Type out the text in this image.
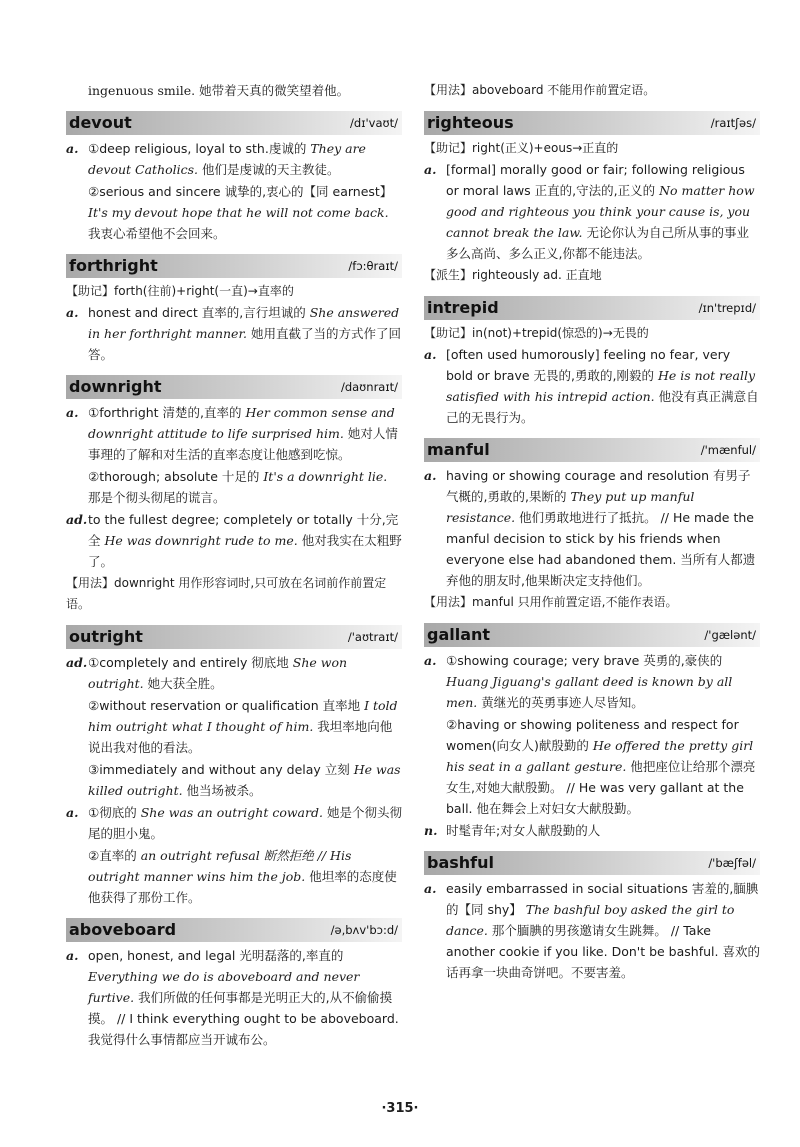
ingenuous smile. 她带着天真的微笑望着他。
devout	/dɪ'vaʊt/
a. ①deep religious, loyal to sth.虔诚的 They are devout Catholics. 他们是虔诚的天主教徒。
②serious and sincere 诚挚的,衷心的【同 earnest】 It's my devout hope that he will not come back. 我衷心希望他不会回来。
forthright	/fɔ:θraɪt/
【助记】forth(往前)+right(一直)→直率的
a. honest and direct 直率的,言行坦诚的 She answered in her forthright manner. 她用直截了当的方式作了回答。
downright	/daʊnraɪt/
a. ①forthright 清楚的,直率的 Her common sense and downright attitude to life surprised him. 她对人情事理的了解和对生活的直率态度让他感到吃惊。
②thorough; absolute 十足的 It's a downright lie. 那是个彻头彻尾的谎言。
ad. to the fullest degree; completely or totally 十分,完全 He was downright rude to me. 他对我实在太粗野了。
【用法】downright 用作形容词时,只可放在名词前作前置定语。
outright	/'aʊtraɪt/
ad. ①completely and entirely 彻底地 She won outright. 她大获全胜。
②without reservation or qualification 直率地 I told him outright what I thought of him. 我坦率地向他说出我对他的看法。
③immediately and without any delay 立刻 He was killed outright. 他当场被杀。
a. ①彻底的 She was an outright coward. 她是个彻头彻尾的胆小鬼。
②直率的 an outright refusal 断然拒绝 // His outright manner wins him the job. 他坦率的态度使他获得了那份工作。
aboveboard	/ə,bʌv'bɔ:d/
a. open, honest, and legal 光明磊落的,率直的 Everything we do is aboveboard and never furtive. 我们所做的任何事都是光明正大的,从不偷偷摸摸。 // I think everything ought to be aboveboard. 我觉得什么事情都应当开诚布公。
【用法】aboveboard 不能用作前置定语。
righteous	/raɪtʃəs/
【助记】right(正义)+eous→正直的
a. [formal] morally good or fair; following religious or moral laws 正直的,守法的,正义的 No matter how good and righteous you think your cause is, you cannot break the law. 无论你认为自己所从事的事业多么高尚、多么正义,你都不能违法。
【派生】righteously ad. 正直地
intrepid	/ɪn'trepɪd/
【助记】in(not)+trepid(惊恐的)→无畏的
a. [often used humorously] feeling no fear, very bold or brave 无畏的,勇敢的,刚毅的 He is not really satisfied with his intrepid action. 他没有真正满意自己的无畏行为。
manful	/'mænful/
a. having or showing courage and resolution 有男子气概的,勇敢的,果断的 They put up manful resistance. 他们勇敢地进行了抵抗。 // He made the manful decision to stick by his friends when everyone else had abandoned them. 当所有人都遗弃他的朋友时,他果断决定支持他们。
【用法】manful 只用作前置定语,不能作表语。
gallant	/'gælənt/
a. ①showing courage; very brave 英勇的,豪侠的 Huang Jiguang's gallant deed is known by all men. 黄继光的英勇事迹人尽皆知。
②having or showing politeness and respect for women(向女人)献殷勤的 He offered the pretty girl his seat in a gallant gesture. 他把座位让给那个漂亮女生,对她大献殷勤。 // He was very gallant at the ball. 他在舞会上对妇女大献殷勤。
n. 时髦青年;对女人献殷勤的人
bashful	/'bæʃfəl/
a. easily embarrassed in social situations 害羞的,腼腆的【同 shy】 The bashful boy asked the girl to dance. 那个腼腆的男孩邀请女生跳舞。 // Take another cookie if you like. Don't be bashful. 喜欢的话再拿一块曲奇饼吧。不要害羞。
·315·
